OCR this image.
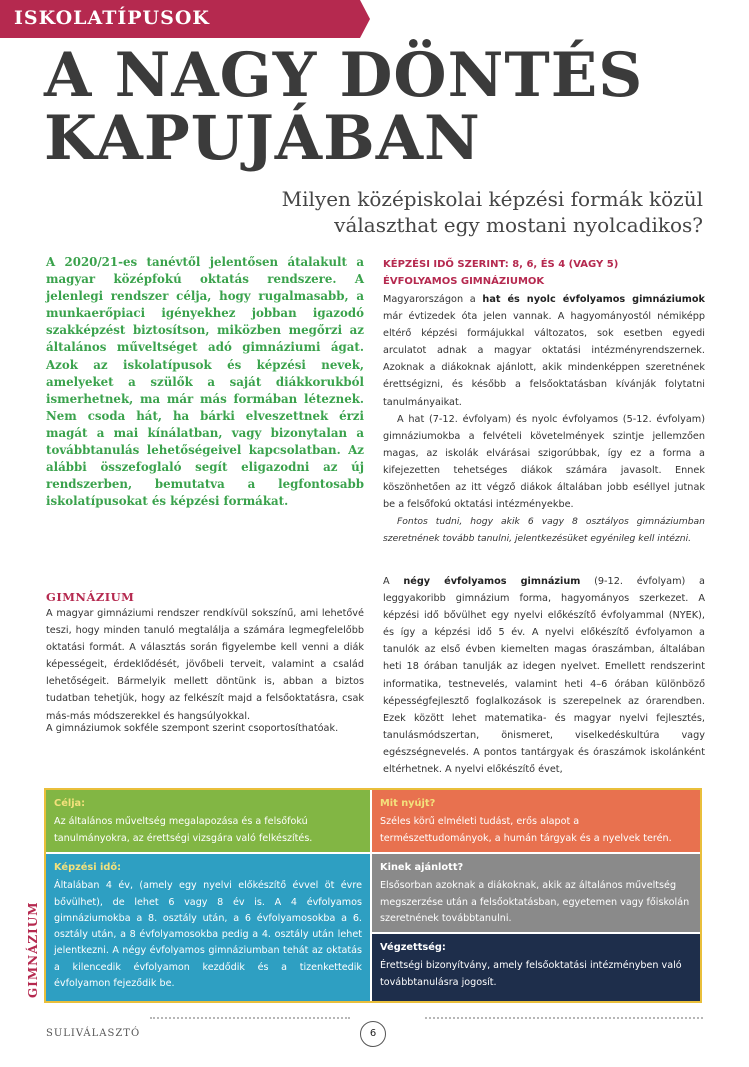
ISKOLATÍPUSOK
A NAGY DÖNTÉS
KAPUJÁBAN
Milyen középiskolai képzési formák közül
választhat egy mostani nyolcadikos?
A 2020/21-es tanévtől jelentősen átalakult a magyar középfokú oktatás rendszere. A jelenlegi rendszer célja, hogy rugalmasabb, a munkaerőpiaci igényekhez jobban igazodó szakképzést biztosítson, miközben megőrzi az általános műveltséget adó gimnáziumi ágat. Azok az iskolatípusok és képzési nevek, amelyeket a szülők a saját diákkorukból ismerhetnek, ma már más formában léteznek. Nem csoda hát, ha bárki elveszettnek érzi magát a mai kínálatban, vagy bizonytalan a továbbtanulás lehetőségeivel kapcsolatban. Az alábbi összefoglaló segít eligazodni az új rendszerben, bemutatva a legfontosabb iskolatípusokat és képzési formákat.
GIMNÁZIUM
A magyar gimnáziumi rendszer rendkívül sokszínű, ami lehetővé teszi, hogy minden tanuló megtalálja a számára legmegfelelőbb oktatási formát. A választás során figyelembe kell venni a diák képességeit, érdeklődését, jövőbeli terveit, valamint a család lehetőségeit. Bármelyik mellett döntünk is, abban a biztos tudatban tehetjük, hogy az felkészít majd a felsőoktatásra, csak más-más módszerekkel és hangsúlyokkal.
A gimnáziumok sokféle szempont szerint csoportosíthatóak.
KÉPZÉSI IDŐ SZERINT: 8, 6, ÉS 4 (VAGY 5)
ÉVFOLYAMOS GIMNÁZIUMOK

Magyarországon a hat és nyolc évfolyamos gimnáziumok már évtizedek óta jelen vannak. A hagyományostól némiképp eltérő képzési formájukkal változatos, sok esetben egyedi arculatot adnak a magyar oktatási intézményrendszernek. Azoknak a diákoknak ajánlott, akik mindenképpen szeretnének érettségizni, és később a felsőoktatásban kívánják folytatni tanulmányaikat.

A hat (7-12. évfolyam) és nyolc évfolyamos (5-12. évfolyam) gimnáziumokba a felvételi követelmények szintje jellemzően magas, az iskolák elvárásai szigorúbbak, így ez a forma a kifejezetten tehetséges diákok számára javasolt. Ennek köszönhetően az itt végző diákok általában jobb eséllyel jutnak be a felsőfokú oktatási intézményekbe.

Fontos tudni, hogy akik 6 vagy 8 osztályos gimnáziumban szeretnének tovább tanulni, jelentkezésüket egyénileg kell intézni.

A négy évfolyamos gimnázium (9-12. évfolyam) a leggyakoribb gimnázium forma, hagyományos szerkezet. A képzési idő bővülhet egy nyelvi előkészítő évfolyammal (NYEK), és így a képzési idő 5 év. A nyelvi előkészítő évfolyamon a tanulók az első évben kiemelten magas óraszámban, általában heti 18 órában tanulják az idegen nyelvet. Emellett rendszerint informatika, testnevelés, valamint heti 4–6 órában különböző képességfejlesztő foglalkozások is szerepelnek az órarendben. Ezek között lehet matematika- és magyar nyelvi fejlesztés, tanulásmódszertan, önismeret, viselkedéskultúra vagy egészségnevelés. A pontos tantárgyak és óraszámok iskolánként eltérhetnek. A nyelvi előkészítő évet,

GIMNÁZIUM
Célja:
Az általános műveltség megalapozása és a felsőfokú tanulmányokra, az érettségi vizsgára való felkészítés.
Mit nyújt?
Széles körű elméleti tudást, erős alapot a természettudományok, a humán tárgyak és a nyelvek terén.
Képzési idő:
Általában 4 év, (amely egy nyelvi előkészítő évvel öt évre bővülhet), de lehet 6 vagy 8 év is. A 4 évfolyamos gimnáziumokba a 8. osztály után, a 6 évfolyamosokba a 6. osztály után, a 8 évfolyamosokba pedig a 4. osztály után lehet jelentkezni. A négy évfolyamos gimnáziumban tehát az oktatás a kilencedik évfolyamon kezdődik és a tizenkettedik évfolyamon fejeződik be.
Kinek ajánlott?
Elsősorban azoknak a diákoknak, akik az általános műveltség megszerzése után a felsőoktatásban, egyetemen vagy főiskolán szeretnének továbbtanulni.
Végzettség:
Érettségi bizonyítvány, amely felsőoktatási intézményben való továbbtanulásra jogosít.
SULIVÁLASZTÓ	6
